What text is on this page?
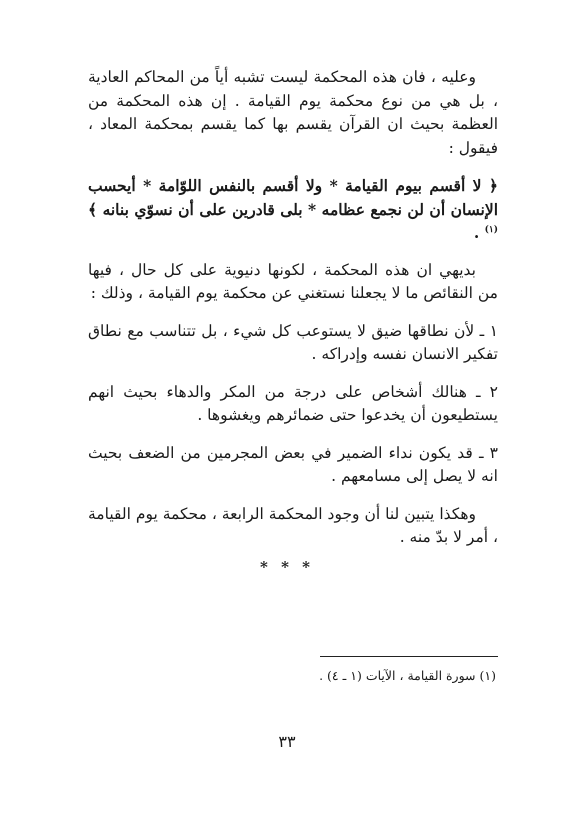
وعليه ، فان هذه المحكمة ليست تشبه أياً من المحاكم العادية ، بل هي من نوع محكمة يوم القيامة . إن هذه المحكمة من العظمة بحيث ان القرآن يقسم بها كما يقسم بمحكمة المعاد ، فيقول :

﴿ لا أقسم بيوم القيامة * ولا أقسم بالنفس اللوّامة * أيحسب الإنسان أن لن نجمع عظامه * بلى قادرين على أن نسوّي بنانه ﴾ $^{(١)}$ .

بديهي ان هذه المحكمة ، لكونها دنيوية على كل حال ، فيها من النقائص ما لا يجعلنا نستغني عن محكمة يوم القيامة ، وذلك :

١ ـ لأن نطاقها ضيق لا يستوعب كل شيء ، بل تتناسب مع نطاق تفكير الانسان نفسه وإدراكه .

٢ ـ هنالك أشخاص على درجة من المكر والدهاء بحيث انهم يستطيعون أن يخدعوا حتى ضمائرهم ويغشوها .

٣ ـ قد يكون نداء الضمير في بعض المجرمين من الضعف بحيث انه لا يصل إلى مسامعهم .

وهكذا يتبين لنا أن وجود المحكمة الرابعة ، محكمة يوم القيامة ، أمر لا بدّ منه .

* * *
(١) سورة القيامة ، الآيات (١ ـ ٤) .
٣٣
